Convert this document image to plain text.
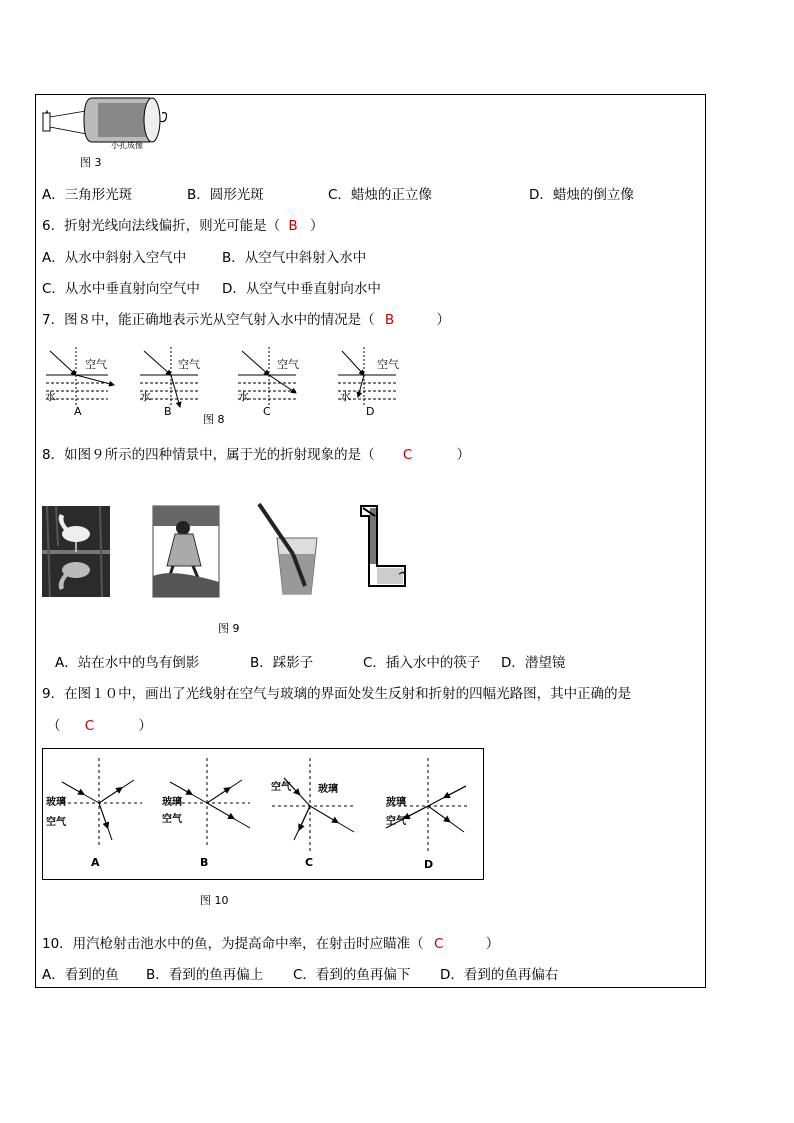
小孔成像
图 3
A．三角形光斑	B．圆形光斑	C．蜡烛的正立像	D．蜡烛的倒立像
6．折射光线向法线偏折，则光可能是（ B ）
A．从水中斜射入空气中	B．从空气中斜射入水中
C．从水中垂直射向空气中 D．从空气中垂直射向水中
7．图８中，能正确地表示光从空气射入水中的情况是（ B	）
空气	空气	空气	空气
水	水	水	水
A	B	C	D
图 8
8．如图９所示的四种情景中，属于光的折射现象的是（ C	）
图 9
A．站在水中的鸟有倒影	B．踩影子	C．插入水中的筷子 D．潜望镜
9．在图１０中，画出了光线射在空气与玻璃的界面处发生反射和折射的四幅光路图，其中正确的是
（ C	）
玻璃
空气
玻璃
空气
空气	玻璃
玻璃
空气
A	B	C	D
图 10
10．用汽枪射击池水中的鱼，为提高命中率，在射击时应瞄准（ C	）
A．看到的鱼 B．看到的鱼再偏上 C．看到的鱼再偏下 D．看到的鱼再偏右
